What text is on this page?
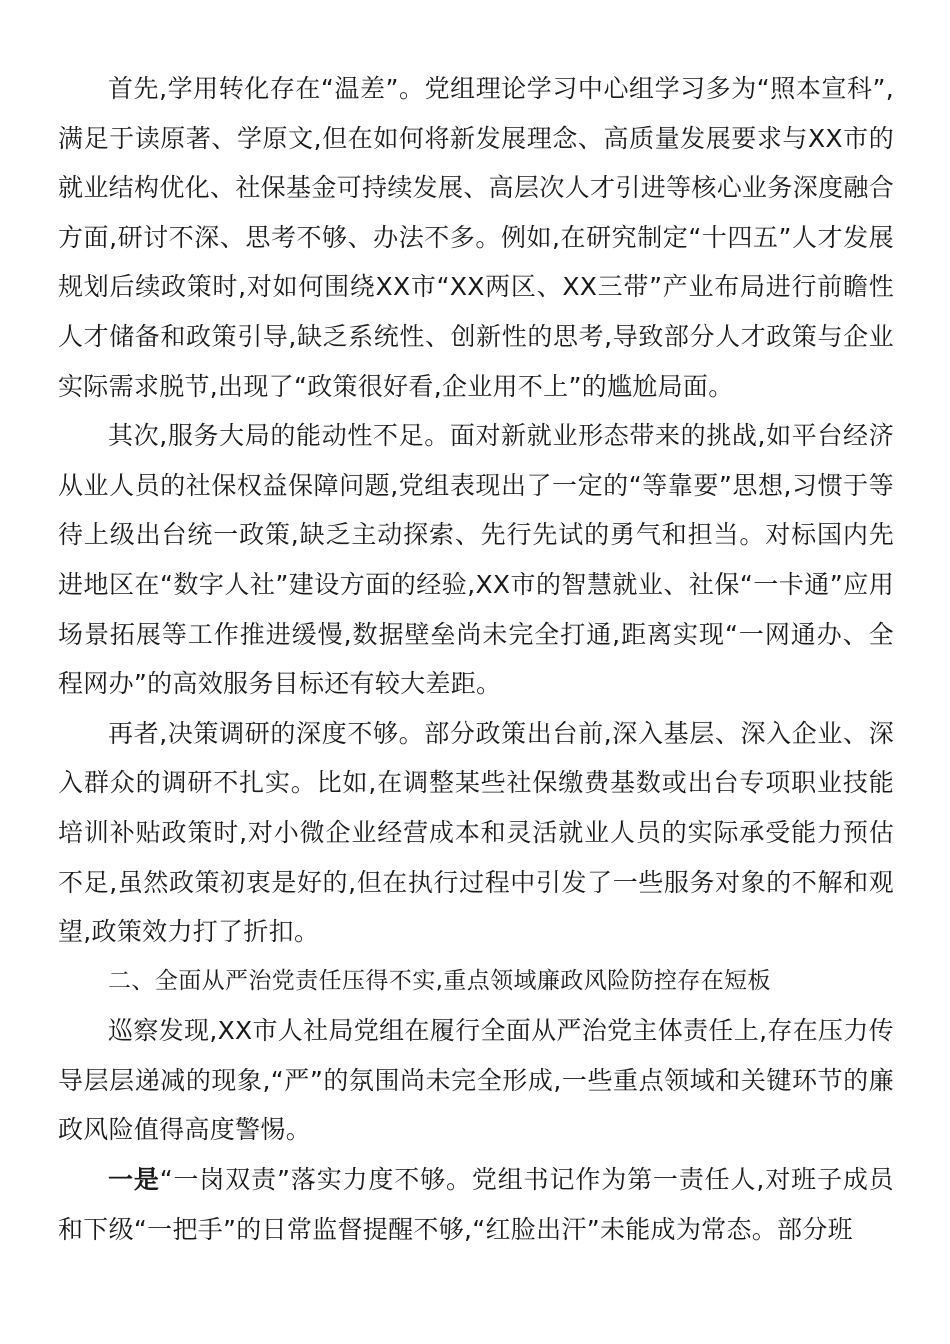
首先,学用转化存在“温差”。党组理论学习中心组学习多为“照本宣科”,满足于读原著、学原文,但在如何将新发展理念、高质量发展要求与XX市的就业结构优化、社保基金可持续发展、高层次人才引进等核心业务深度融合方面,研讨不深、思考不够、办法不多。例如,在研究制定“十四五”人才发展规划后续政策时,对如何围绕XX市“XX两区、XX三带”产业布局进行前瞻性人才储备和政策引导,缺乏系统性、创新性的思考,导致部分人才政策与企业实际需求脱节,出现了“政策很好看,企业用不上”的尴尬局面。

其次,服务大局的能动性不足。面对新就业形态带来的挑战,如平台经济从业人员的社保权益保障问题,党组表现出了一定的“等靠要”思想,习惯于等待上级出台统一政策,缺乏主动探索、先行先试的勇气和担当。对标国内先进地区在“数字人社”建设方面的经验,XX市的智慧就业、社保“一卡通”应用场景拓展等工作推进缓慢,数据壁垒尚未完全打通,距离实现“一网通办、全程网办”的高效服务目标还有较大差距。

再者,决策调研的深度不够。部分政策出台前,深入基层、深入企业、深入群众的调研不扎实。比如,在调整某些社保缴费基数或出台专项职业技能培训补贴政策时,对小微企业经营成本和灵活就业人员的实际承受能力预估不足,虽然政策初衷是好的,但在执行过程中引发了一些服务对象的不解和观望,政策效力打了折扣。

二、全面从严治党责任压得不实,重点领域廉政风险防控存在短板

巡察发现,XX市人社局党组在履行全面从严治党主体责任上,存在压力传导层层递减的现象,“严”的氛围尚未完全形成,一些重点领域和关键环节的廉政风险值得高度警惕。

一是“一岗双责”落实力度不够。党组书记作为第一责任人,对班子成员和下级“一把手”的日常监督提醒不够,“红脸出汗”未能成为常态。部分班
